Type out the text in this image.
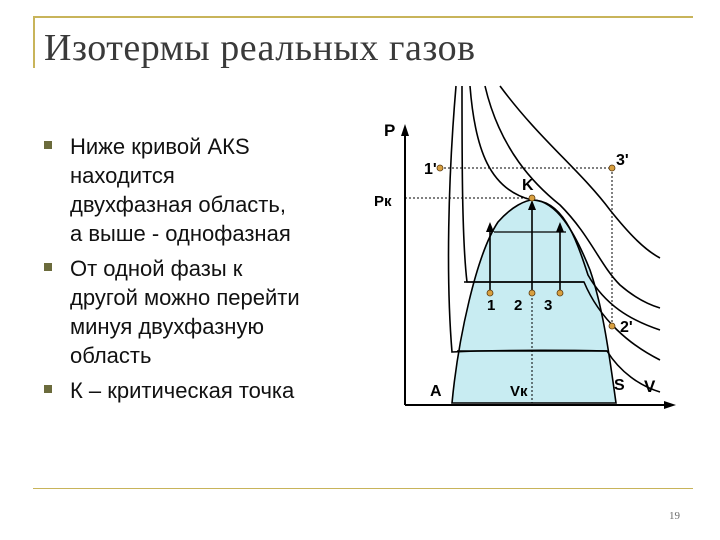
Изотермы реальных газов
Ниже кривой АКS
находится
двухфазная область,
а выше - однофазная
От одной фазы к
другой можно перейти
минуя двухфазную
область
К – критическая точка
P
V
Pк
Vк
K
A	S
1'
3'
2'
1 2 3
19
